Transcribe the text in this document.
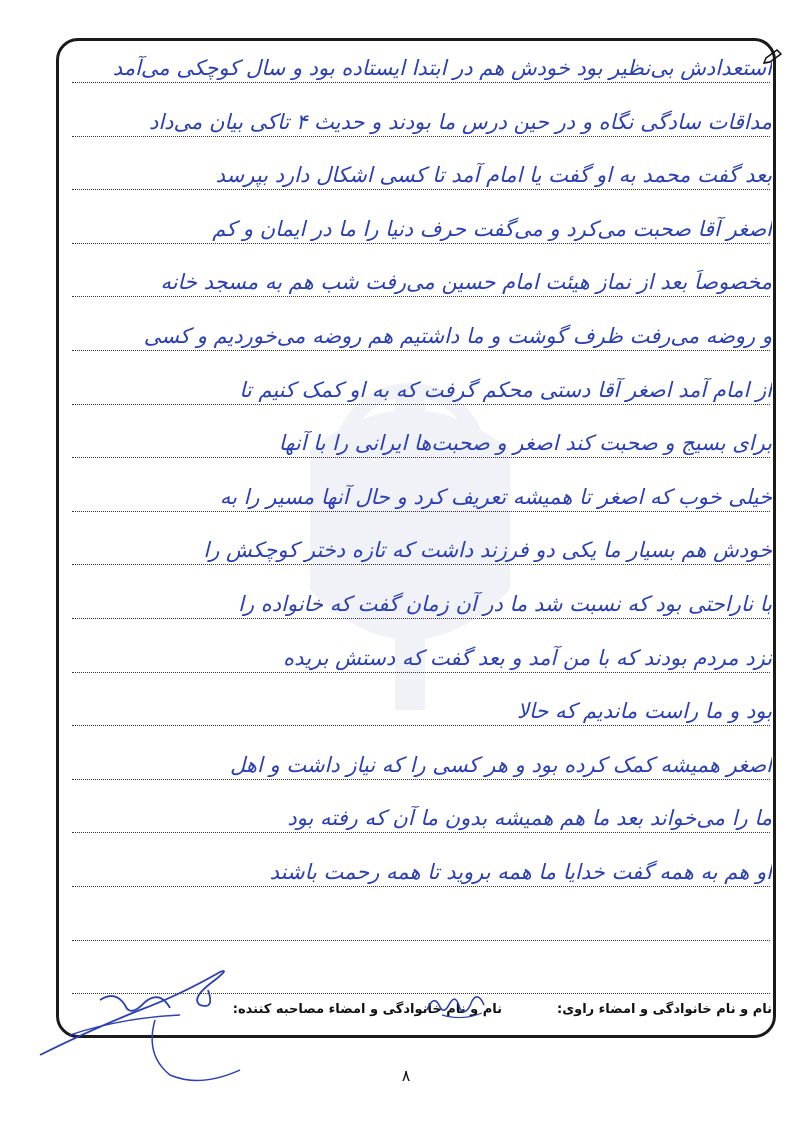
استعدادش بی‌نظیر بود خودش هم در ابتدا ایستاده بود و سال کوچکی می‌آمد
مداقات سادگی نگاه و در حین درس ما بودند و حدیث ۴ تاکی بیان می‌داد
بعد گفت محمد به او گفت یا امام آمد تا کسی اشکال دارد بپرسد
اصغر آقا صحبت می‌کرد و می‌گفت حرف دنیا را ما در ایمان و کم
مخصوصاً بعد از نماز هیئت امام حسین می‌رفت شب هم به مسجد خانه
و روضه می‌رفت ظرف گوشت و ما داشتیم هم روضه می‌خوردیم و کسی
از امام آمد اصغر آقا دستی محکم گرفت که به او کمک کنیم تا
برای بسیج و صحبت کند اصغر و صحبت‌ها ایرانی را با آنها
خیلی خوب که اصغر تا همیشه تعریف کرد و حال آنها مسیر را به
خودش هم بسیار ما یکی دو فرزند داشت که تازه دختر کوچکش را
با ناراحتی بود که نسبت شد ما در آن زمان گفت که خانواده را
نزد مردم بودند که با من آمد و بعد گفت که دستش بریده
بود و ما راست ماندیم که حالا
اصغر همیشه کمک کرده بود و هر کسی را که نیاز داشت و اهل
ما را می‌خواند بعد ما هم همیشه بدون ما آن که رفته بود
او هم به همه گفت خدایا ما همه بروید تا همه رحمت باشند
نام و نام خانوادگی و امضاء راوی:
نام و نام خانوادگی و امضاء مصاحبه کننده:
۸
